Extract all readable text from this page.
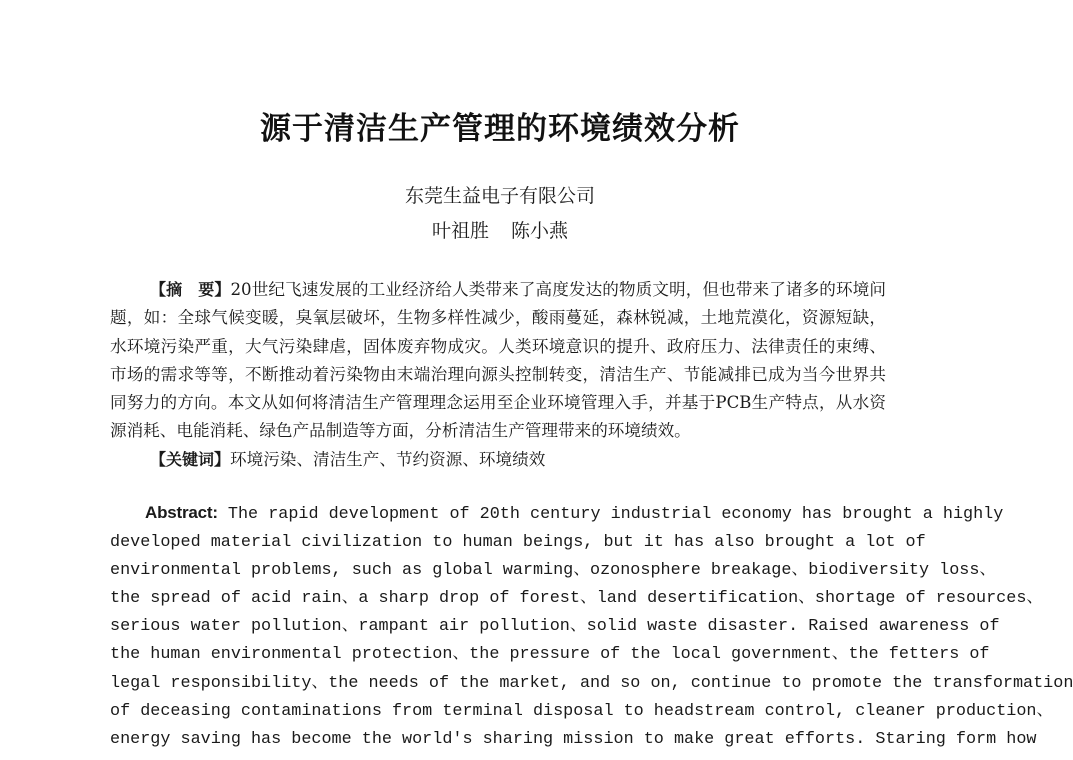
源于清洁生产管理的环境绩效分析
东莞生益电子有限公司
叶祖胜 陈小燕

【摘　要】20世纪飞速发展的工业经济给人类带来了高度发达的物质文明，但也带来了诸多的环境问题，如：全球气候变暖，臭氧层破坏，生物多样性减少，酸雨蔓延，森林锐减，土地荒漠化，资源短缺，水环境污染严重，大气污染肆虐，固体废弃物成灾。人类环境意识的提升、政府压力、法律责任的束缚、市场的需求等等，不断推动着污染物由末端治理向源头控制转变，清洁生产、节能减排已成为当今世界共同努力的方向。本文从如何将清洁生产管理理念运用至企业环境管理入手，并基于PCB生产特点，从水资源消耗、电能消耗、绿色产品制造等方面，分析清洁生产管理带来的环境绩效。

【关键词】环境污染、清洁生产、节约资源、环境绩效

Abstract: The rapid development of 20th century industrial economy has brought a highly
developed material civilization to human beings, but it has also brought a lot of
environmental problems, such as global warming、ozonosphere breakage、biodiversity loss、
the spread of acid rain、a sharp drop of forest、land desertification、shortage of resources、
serious water pollution、rampant air pollution、solid waste disaster. Raised awareness of
the human environmental protection、the pressure of the local government、the fetters of
legal responsibility、the needs of the market, and so on, continue to promote the transformation
of deceasing contaminations from terminal disposal to headstream control, cleaner production、
energy saving has become the world's sharing mission to make great efforts. Staring form how
